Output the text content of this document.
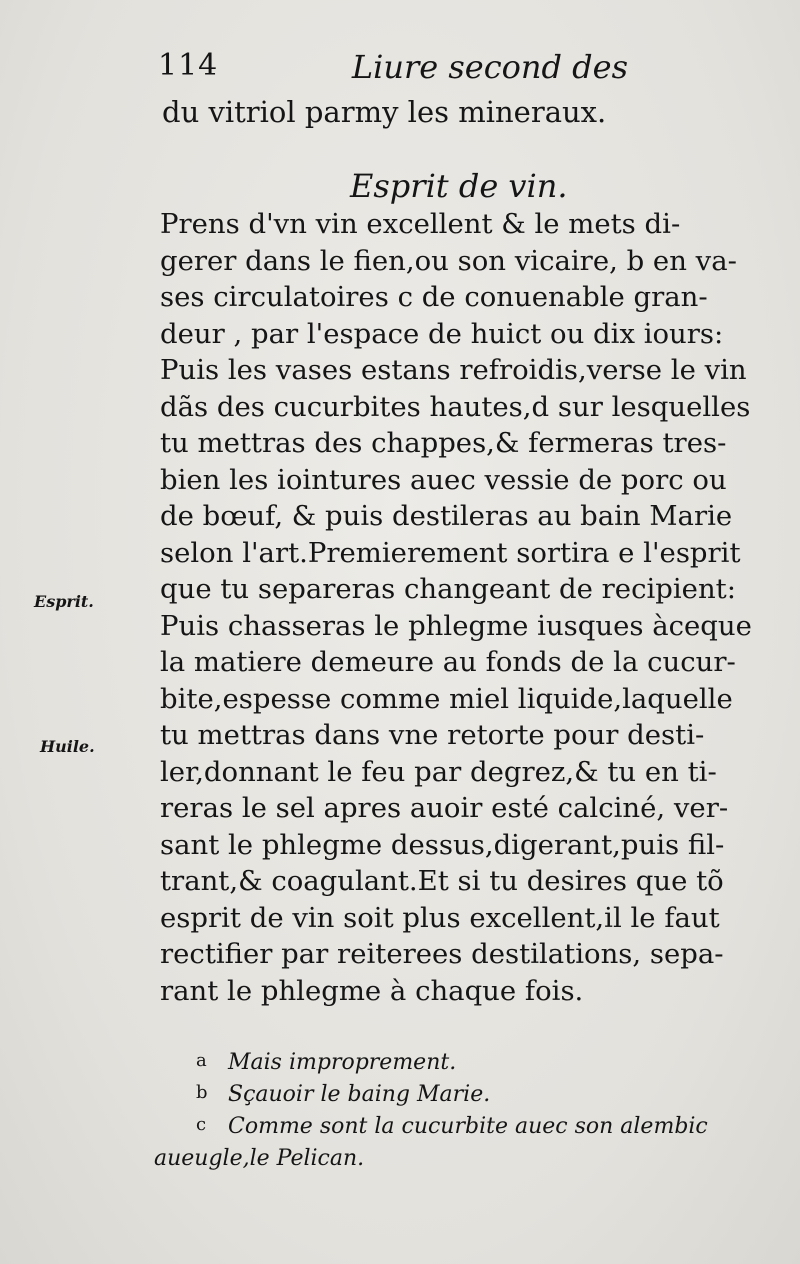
114	Liure second des
du vitriol parmy les mineraux.
Esprit de vin.
Prens d'vn vin excellent & le mets di-
gerer dans le fien,ou son vicaire, b en va-
ses circulatoires c de conuenable gran-
deur , par l'espace de huict ou dix iours:
Puis les vases estans refroidis,verse le vin
dãs des cucurbites hautes,d sur lesquelles
tu mettras des chappes,& fermeras tres-
bien les iointures auec vessie de porc ou
de bœuf, & puis destileras au bain Marie
selon l'art.Premierement sortira e l'esprit
que tu separeras changeant de recipient:
Puis chasseras le phlegme iusques àceque
la matiere demeure au fonds de la cucur-
bite,espesse comme miel liquide,laquelle
tu mettras dans vne retorte pour desti-
ler,donnant le feu par degrez,& tu en ti-
reras le sel apres auoir esté calciné, ver-
sant le phlegme dessus,digerant,puis fil-
trant,& coagulant.Et si tu desires que tõ
esprit de vin soit plus excellent,il le faut
rectifier par reiterees destilations, sepa-
rant le phlegme à chaque fois.
Esprit.
Huile.
a Mais improprement.
b Sçauoir le baing Marie.
c Comme sont la cucurbite auec son alembic
aueugle,le Pelican.
